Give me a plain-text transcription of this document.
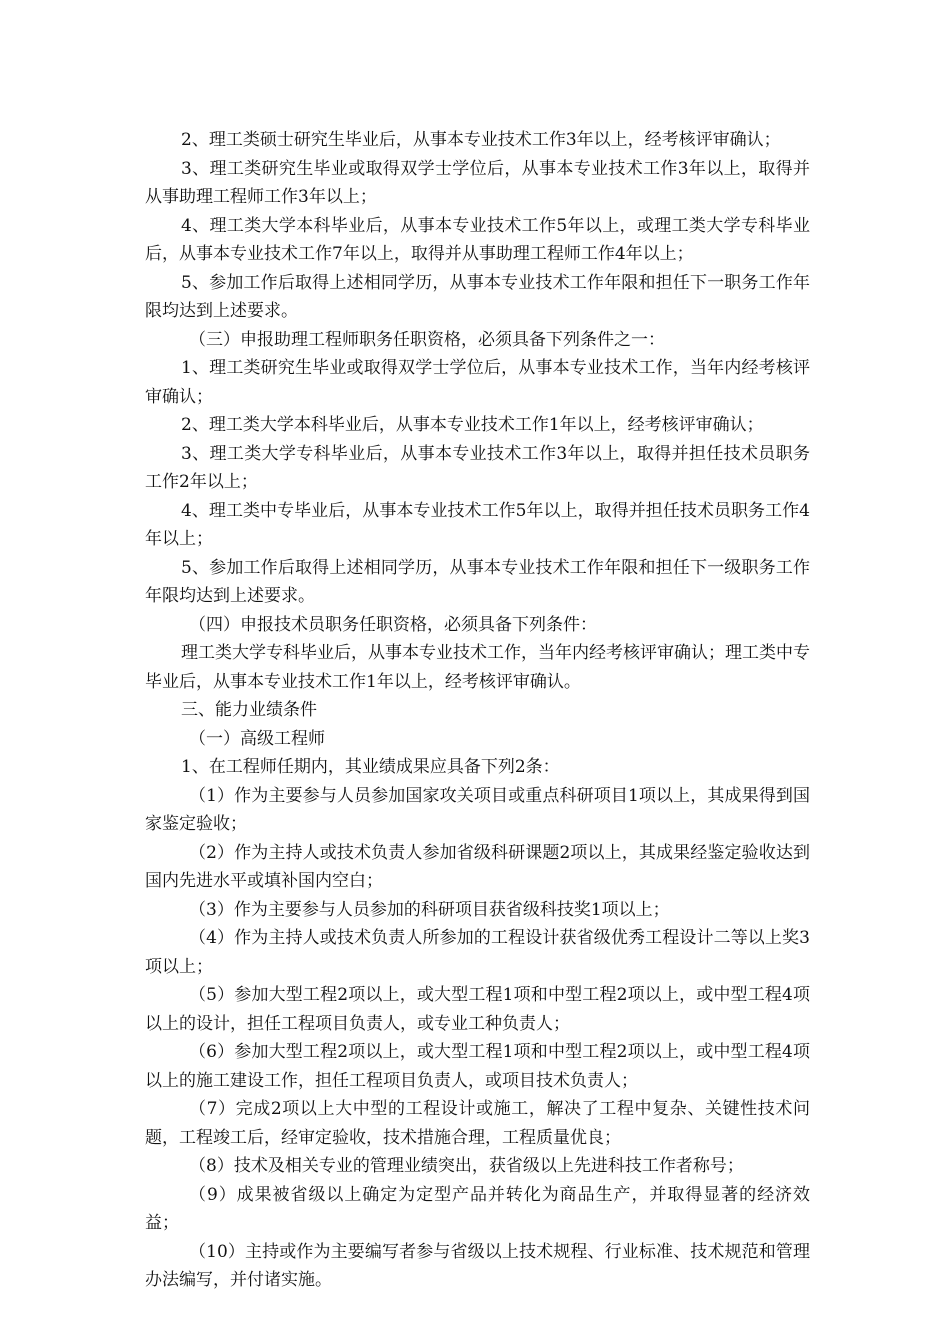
2、理工类硕士研究生毕业后，从事本专业技术工作3年以上，经考核评审确认；

3、理工类研究生毕业或取得双学士学位后，从事本专业技术工作3年以上，取得并从事助理工程师工作3年以上；

4、理工类大学本科毕业后，从事本专业技术工作5年以上，或理工类大学专科毕业后，从事本专业技术工作7年以上，取得并从事助理工程师工作4年以上；

5、参加工作后取得上述相同学历，从事本专业技术工作年限和担任下一职务工作年限均达到上述要求。

（三）申报助理工程师职务任职资格，必须具备下列条件之一：

1、理工类研究生毕业或取得双学士学位后，从事本专业技术工作，当年内经考核评审确认；

2、理工类大学本科毕业后，从事本专业技术工作1年以上，经考核评审确认；

3、理工类大学专科毕业后，从事本专业技术工作3年以上，取得并担任技术员职务工作2年以上；

4、理工类中专毕业后，从事本专业技术工作5年以上，取得并担任技术员职务工作4年以上；

5、参加工作后取得上述相同学历，从事本专业技术工作年限和担任下一级职务工作年限均达到上述要求。

（四）申报技术员职务任职资格，必须具备下列条件：

理工类大学专科毕业后，从事本专业技术工作，当年内经考核评审确认；理工类中专毕业后，从事本专业技术工作1年以上，经考核评审确认。

三、能力业绩条件

（一）高级工程师

1、在工程师任期内，其业绩成果应具备下列2条：

（1）作为主要参与人员参加国家攻关项目或重点科研项目1项以上，其成果得到国家鉴定验收；

（2）作为主持人或技术负责人参加省级科研课题2项以上，其成果经鉴定验收达到国内先进水平或填补国内空白；

（3）作为主要参与人员参加的科研项目获省级科技奖1项以上；

（4）作为主持人或技术负责人所参加的工程设计获省级优秀工程设计二等以上奖3项以上；

（5）参加大型工程2项以上，或大型工程1项和中型工程2项以上，或中型工程4项以上的设计，担任工程项目负责人，或专业工种负责人；

（6）参加大型工程2项以上，或大型工程1项和中型工程2项以上，或中型工程4项以上的施工建设工作，担任工程项目负责人，或项目技术负责人；

（7）完成2项以上大中型的工程设计或施工，解决了工程中复杂、关键性技术问题，工程竣工后，经审定验收，技术措施合理，工程质量优良；

（8）技术及相关专业的管理业绩突出，获省级以上先进科技工作者称号；

（9）成果被省级以上确定为定型产品并转化为商品生产，并取得显著的经济效益；

（10）主持或作为主要编写者参与省级以上技术规程、行业标准、技术规范和管理办法编写，并付诸实施。
